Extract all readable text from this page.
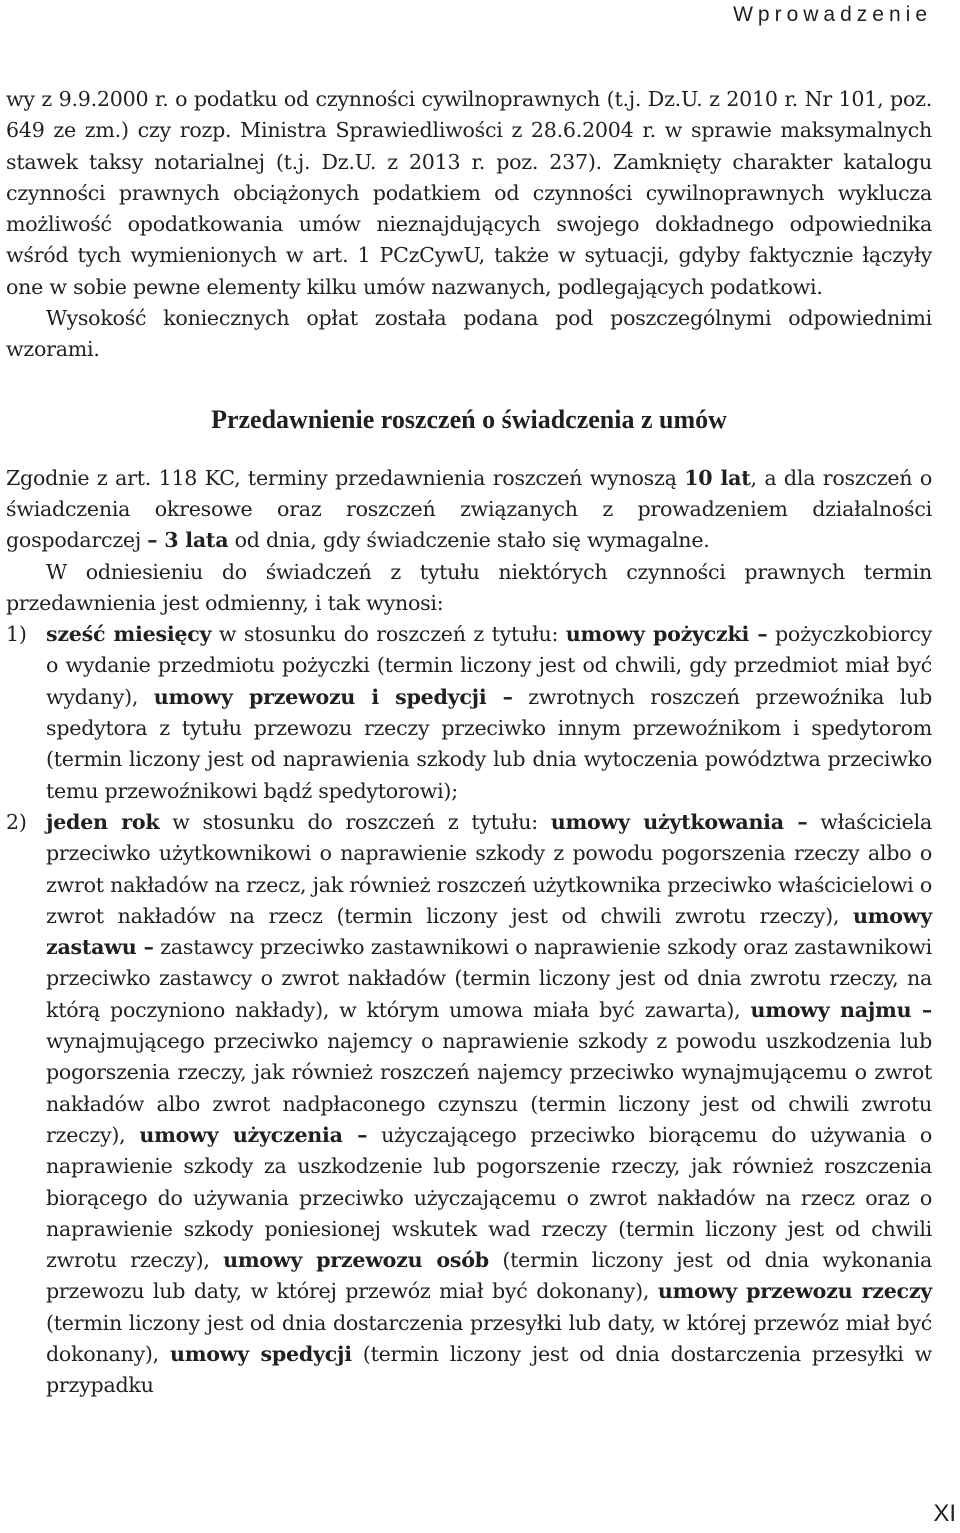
Wprowadzenie

wy z 9.9.2000 r. o podatku od czynności cywilnoprawnych (t.j. Dz.U. z 2010 r. Nr 101, poz. 649 ze zm.) czy rozp. Ministra Sprawiedliwości z 28.6.2004 r. w sprawie maksymalnych stawek taksy notarialnej (t.j. Dz.U. z 2013 r. poz. 237). Zamknięty charakter katalogu czynności prawnych obciążonych podatkiem od czynności cywilnoprawnych wyklucza możliwość opodatkowania umów nieznajdujących swojego dokładnego odpowiednika wśród tych wymienionych w art. 1 PCzCywU, także w sytuacji, gdyby faktycznie łączyły one w sobie pewne elementy kilku umów nazwanych, podlegających podatkowi.

Wysokość koniecznych opłat została podana pod poszczególnymi odpowiednimi wzorami.

Przedawnienie roszczeń o świadczenia z umów

Zgodnie z art. 118 KC, terminy przedawnienia roszczeń wynoszą 10 lat, a dla roszczeń o świadczenia okresowe oraz roszczeń związanych z prowadzeniem działalności gospodarczej – 3 lata od dnia, gdy świadczenie stało się wymagalne.

W odniesieniu do świadczeń z tytułu niektórych czynności prawnych termin przedawnienia jest odmienny, i tak wynosi:

1) sześć miesięcy w stosunku do roszczeń z tytułu: umowy pożyczki – pożyczkobiorcy o wydanie przedmiotu pożyczki (termin liczony jest od chwili, gdy przedmiot miał być wydany), umowy przewozu i spedycji – zwrotnych roszczeń przewoźnika lub spedytora z tytułu przewozu rzeczy przeciwko innym przewoźnikom i spedytorom (termin liczony jest od naprawienia szkody lub dnia wytoczenia powództwa przeciwko temu przewoźnikowi bądź spedytorowi);
2) jeden rok w stosunku do roszczeń z tytułu: umowy użytkowania – właściciela przeciwko użytkownikowi o naprawienie szkody z powodu pogorszenia rzeczy albo o zwrot nakładów na rzecz, jak również roszczeń użytkownika przeciwko właścicielowi o zwrot nakładów na rzecz (termin liczony jest od chwili zwrotu rzeczy), umowy zastawu – zastawcy przeciwko zastawnikowi o naprawienie szkody oraz zastawnikowi przeciwko zastawcy o zwrot nakładów (termin liczony jest od dnia zwrotu rzeczy, na którą poczyniono nakłady), w którym umowa miała być zawarta), umowy najmu – wynajmującego przeciwko najemcy o naprawienie szkody z powodu uszkodzenia lub pogorszenia rzeczy, jak również roszczeń najemcy przeciwko wynajmującemu o zwrot nakładów albo zwrot nadpłaconego czynszu (termin liczony jest od chwili zwrotu rzeczy), umowy użyczenia – użyczającego przeciwko biorącemu do używania o naprawienie szkody za uszkodzenie lub pogorszenie rzeczy, jak również roszczenia biorącego do używania przeciwko użyczającemu o zwrot nakładów na rzecz oraz o naprawienie szkody poniesionej wskutek wad rzeczy (termin liczony jest od chwili zwrotu rzeczy), umowy przewozu osób (termin liczony jest od dnia wykonania przewozu lub daty, w której przewóz miał być dokonany), umowy przewozu rzeczy (termin liczony jest od dnia dostarczenia przesyłki lub daty, w której przewóz miał być dokonany), umowy spedycji (termin liczony jest od dnia dostarczenia przesyłki w przypadku
XI
